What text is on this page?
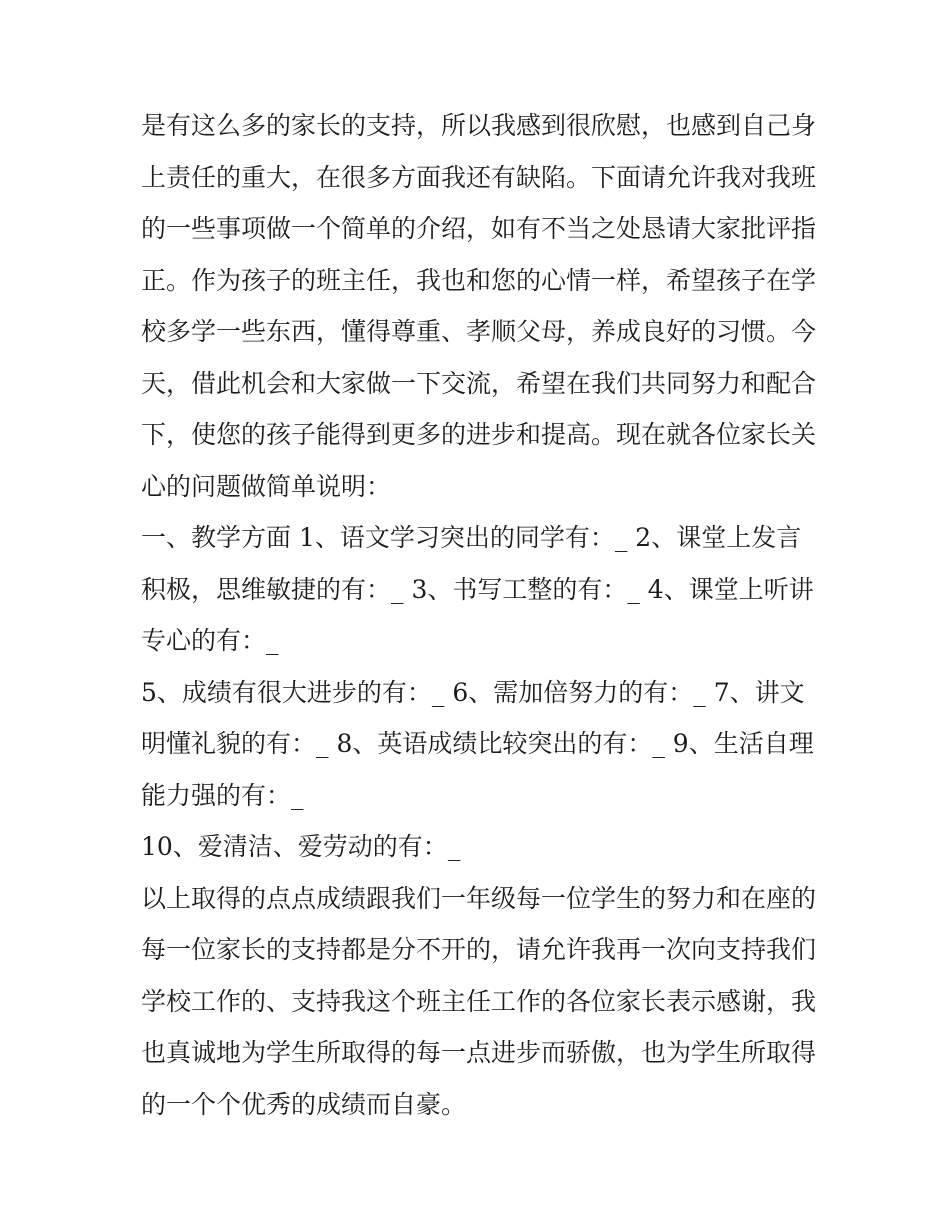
是有这么多的家长的支持，所以我感到很欣慰，也感到自己身
上责任的重大，在很多方面我还有缺陷。下面请允许我对我班
的一些事项做一个简单的介绍，如有不当之处恳请大家批评指
正。作为孩子的班主任，我也和您的心情一样，希望孩子在学
校多学一些东西，懂得尊重、孝顺父母，养成良好的习惯。今
天，借此机会和大家做一下交流，希望在我们共同努力和配合
下，使您的孩子能得到更多的进步和提高。现在就各位家长关
心的问题做简单说明：
一、教学方面 1、语文学习突出的同学有：_ 2、课堂上发言
积极，思维敏捷的有：_ 3、书写工整的有：_ 4、课堂上听讲
专心的有：_
5、成绩有很大进步的有：_ 6、需加倍努力的有：_ 7、讲文
明懂礼貌的有：_ 8、英语成绩比较突出的有：_ 9、生活自理
能力强的有：_
10、爱清洁、爱劳动的有：_
以上取得的点点成绩跟我们一年级每一位学生的努力和在座的
每一位家长的支持都是分不开的，请允许我再一次向支持我们
学校工作的、支持我这个班主任工作的各位家长表示感谢，我
也真诚地为学生所取得的每一点进步而骄傲，也为学生所取得
的一个个优秀的成绩而自豪。
